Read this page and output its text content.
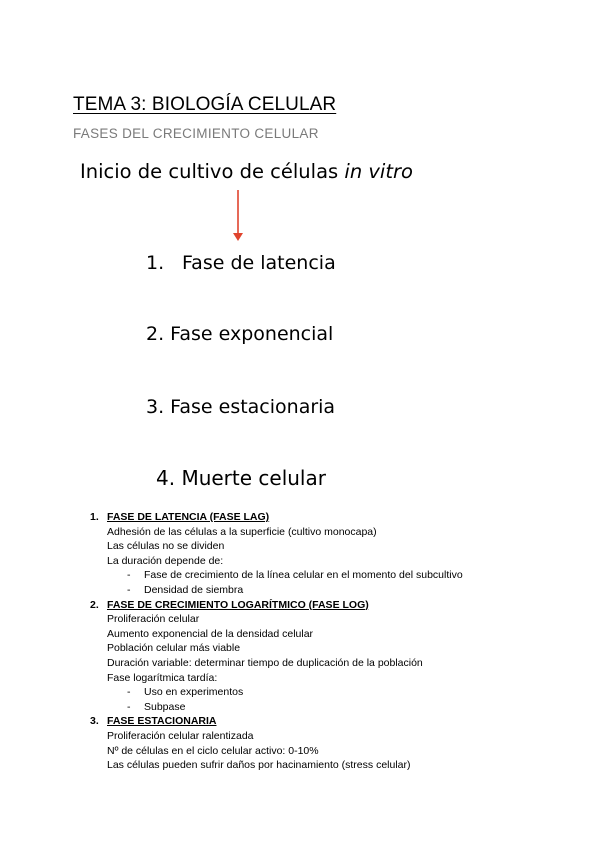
TEMA 3: BIOLOGÍA CELULAR
FASES DEL CRECIMIENTO CELULAR
Inicio de cultivo de células in vitro
1. Fase de latencia
2. Fase exponencial
3. Fase estacionaria
4. Muerte celular
1. FASE DE LATENCIA (FASE LAG)
Adhesión de las células a la superficie (cultivo monocapa)
Las células no se dividen
La duración depende de:
-	Fase de crecimiento de la línea celular en el momento del subcultivo
-	Densidad de siembra
2. FASE DE CRECIMIENTO LOGARÍTMICO (FASE LOG)
Proliferación celular
Aumento exponencial de la densidad celular
Población celular más viable
Duración variable: determinar tiempo de duplicación de la población
Fase logarítmica tardía:
-	Uso en experimentos
-	Subpase
3. FASE ESTACIONARIA
Proliferación celular ralentizada
Nº de células en el ciclo celular activo: 0-10%
Las células pueden sufrir daños por hacinamiento (stress celular)
